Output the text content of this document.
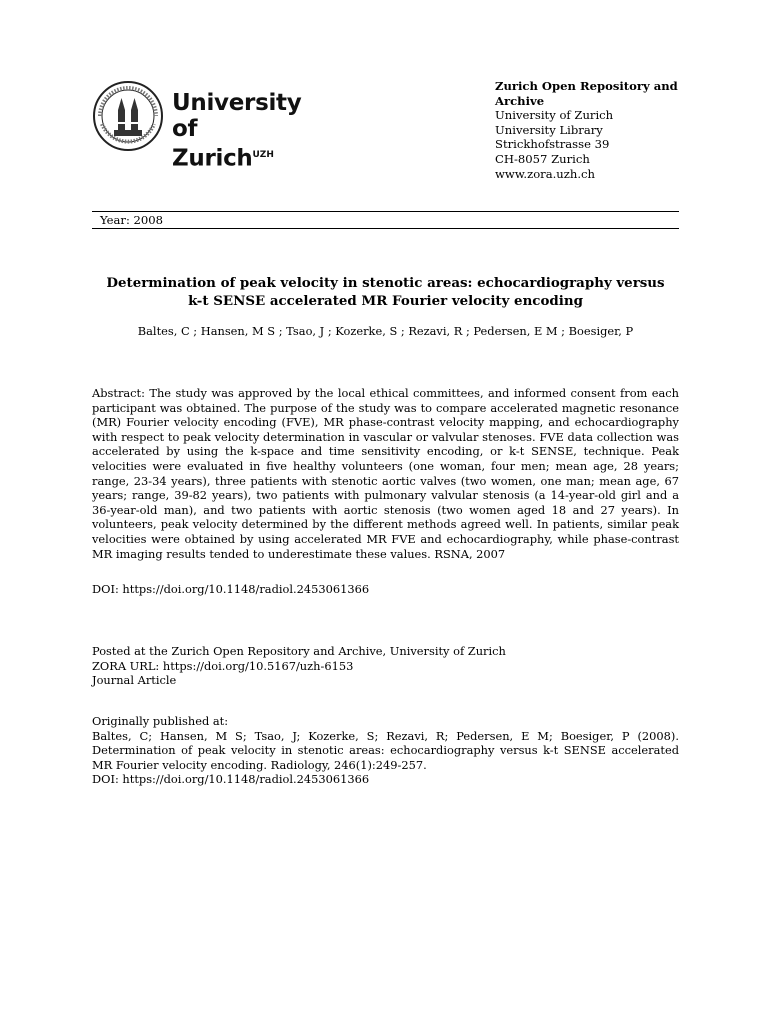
University of
Zurich$^{UZH}$
Zurich Open Repository and
Archive
University of Zurich
University Library
Strickhofstrasse 39
CH-8057 Zurich
www.zora.uzh.ch
Year: 2008
Determination of peak velocity in stenotic areas: echocardiography versus
k-t SENSE accelerated MR Fourier velocity encoding
Baltes, C ; Hansen, M S ; Tsao, J ; Kozerke, S ; Rezavi, R ; Pedersen, E M ; Boesiger, P
Abstract: The study was approved by the local ethical committees, and informed consent from each participant was obtained. The purpose of the study was to compare accelerated magnetic resonance (MR) Fourier velocity encoding (FVE), MR phase-contrast velocity mapping, and echocardiography with respect to peak velocity determination in vascular or valvular stenoses. FVE data collection was accelerated by using the k-space and time sensitivity encoding, or k-t SENSE, technique. Peak velocities were evaluated in five healthy volunteers (one woman, four men; mean age, 28 years; range, 23-34 years), three patients with stenotic aortic valves (two women, one man; mean age, 67 years; range, 39-82 years), two patients with pulmonary valvular stenosis (a 14-year-old girl and a 36-year-old man), and two patients with aortic stenosis (two women aged 18 and 27 years). In volunteers, peak velocity determined by the different methods agreed well. In patients, similar peak velocities were obtained by using accelerated MR FVE and echocardiography, while phase-contrast MR imaging results tended to underestimate these values. RSNA, 2007
DOI: https://doi.org/10.1148/radiol.2453061366
Posted at the Zurich Open Repository and Archive, University of Zurich
ZORA URL: https://doi.org/10.5167/uzh-6153
Journal Article
Originally published at:
Baltes, C; Hansen, M S; Tsao, J; Kozerke, S; Rezavi, R; Pedersen, E M; Boesiger, P (2008). Determination of peak velocity in stenotic areas: echocardiography versus k-t SENSE accelerated MR Fourier velocity encoding. Radiology, 246(1):249-257.
DOI: https://doi.org/10.1148/radiol.2453061366
